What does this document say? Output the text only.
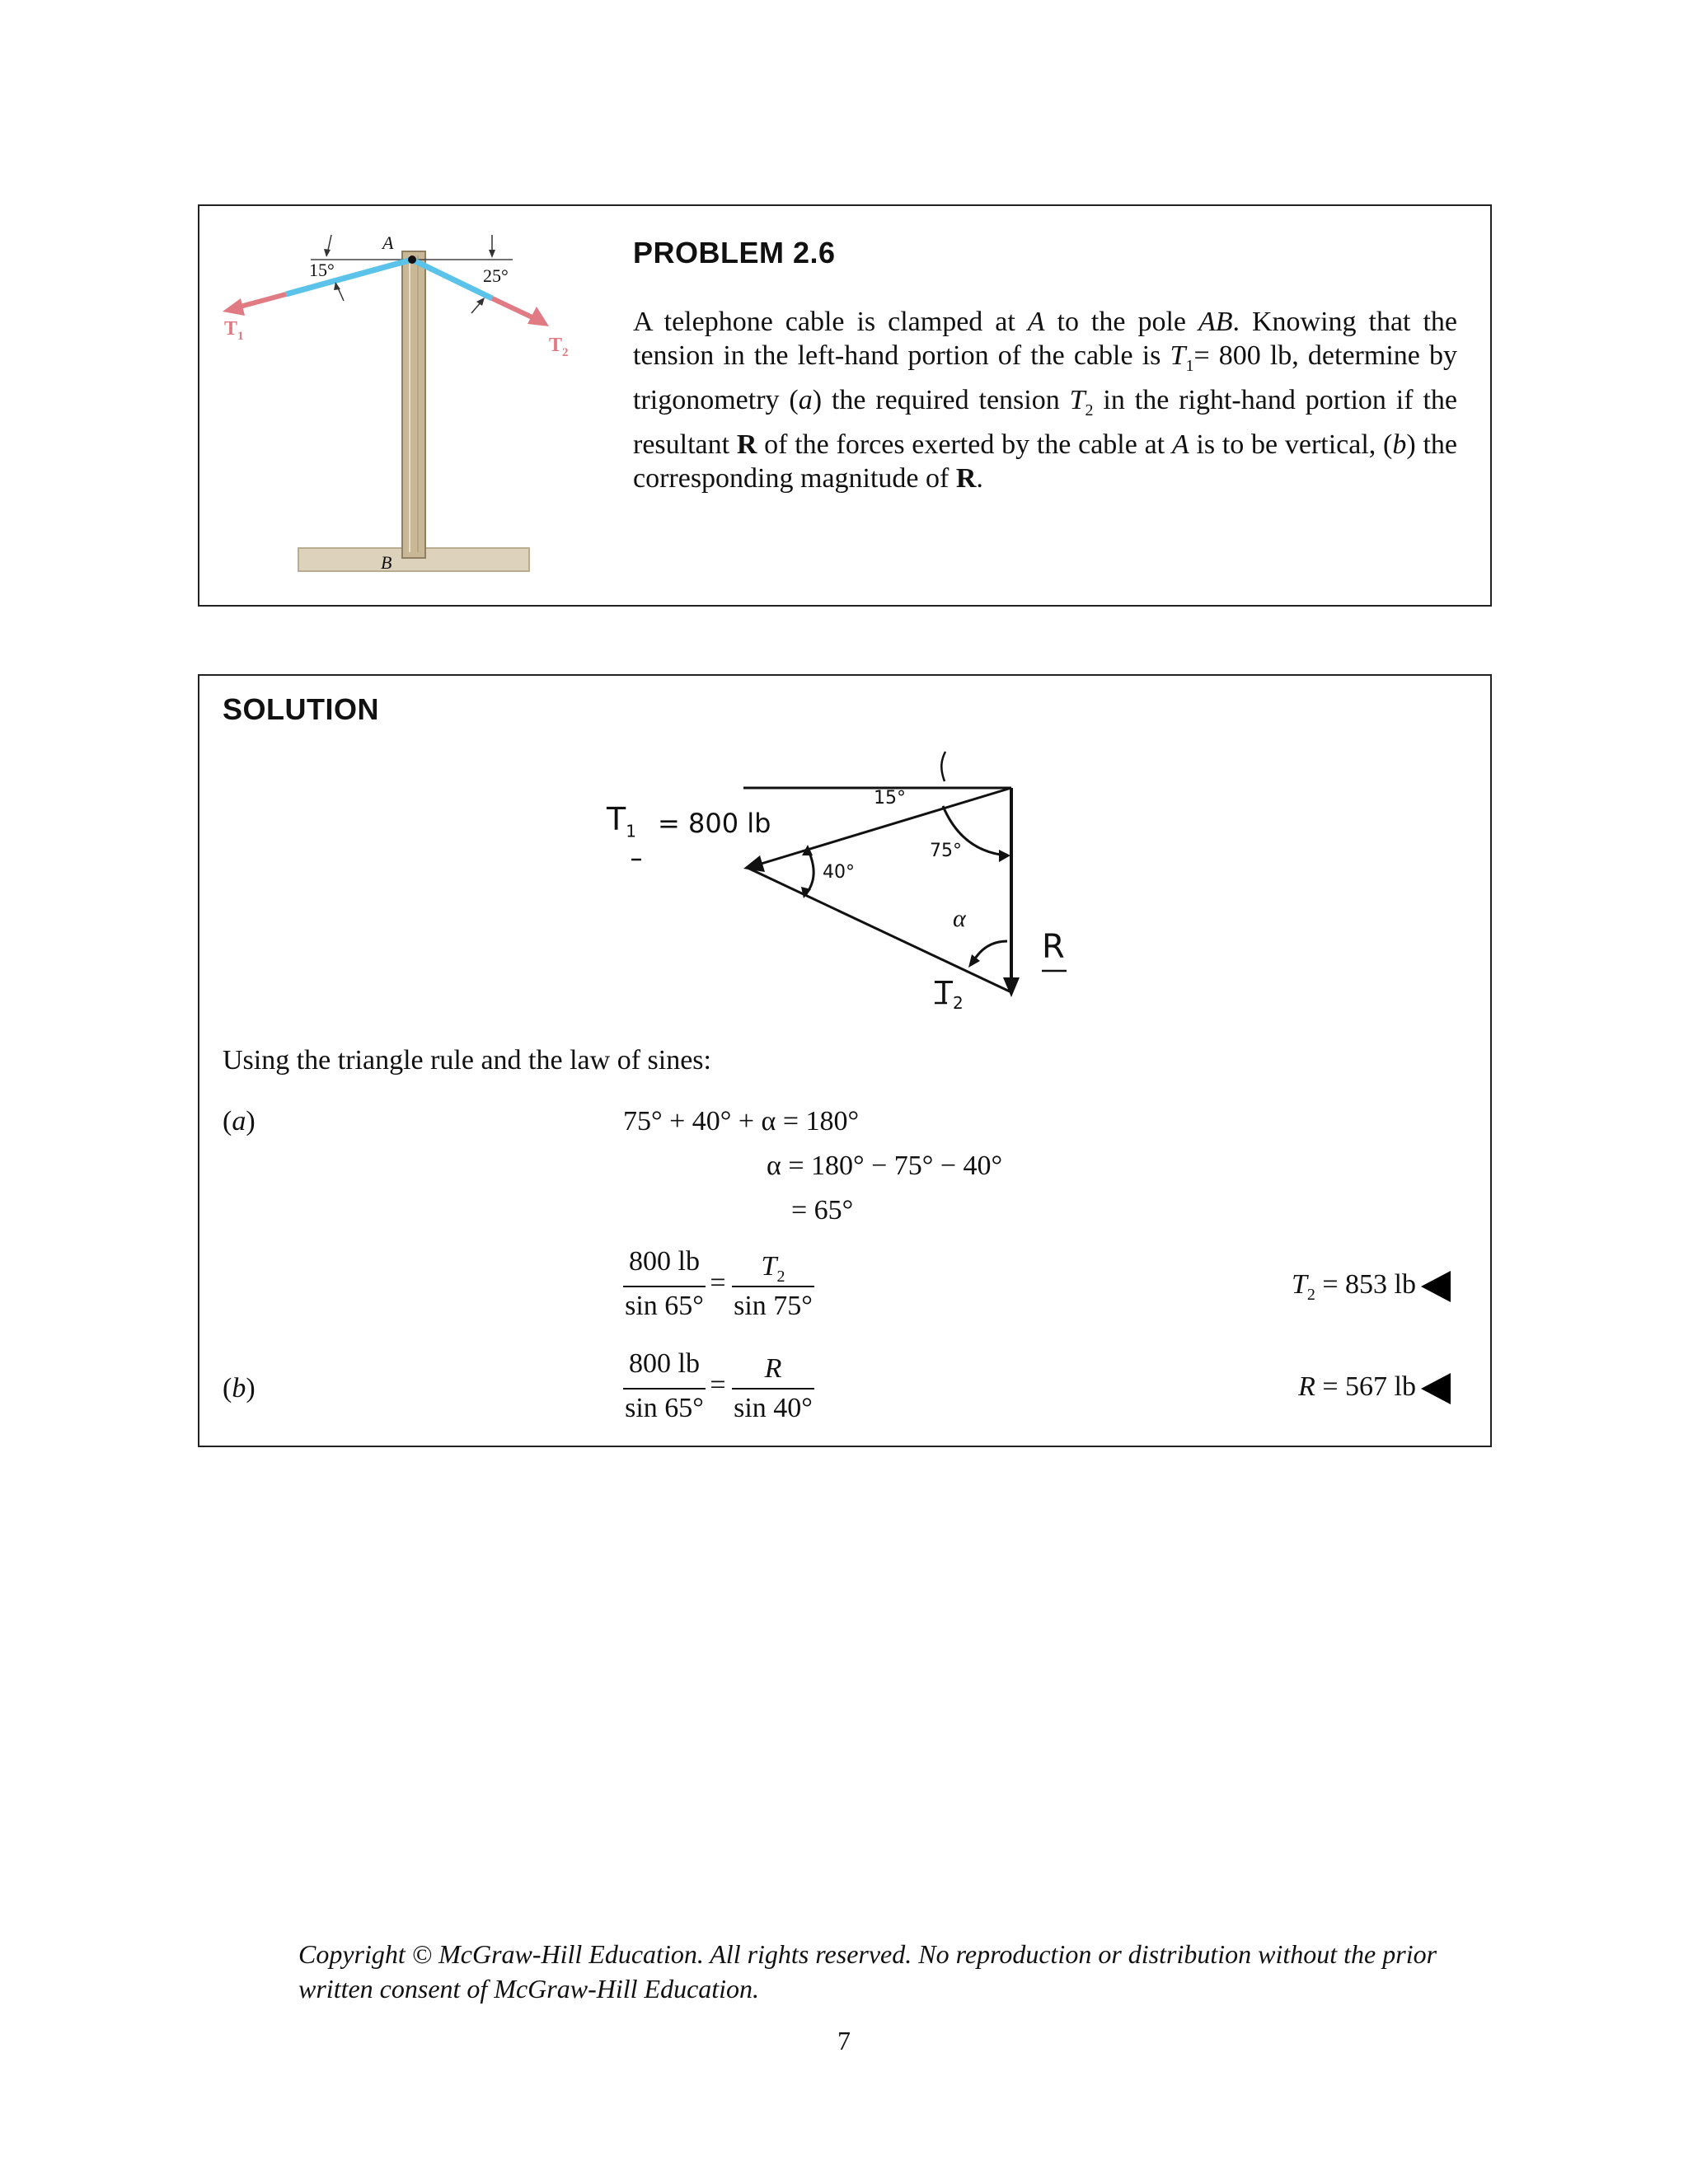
A
B
15°	25°
$T_1$	$T_2$
PROBLEM 2.6
A telephone cable is clamped at A to the pole AB. Knowing that the tension in the left-hand portion of the cable is $T_1= 800$ lb, determine by trigonometry (a) the required tension $T_2$ in the right-hand portion if the resultant R of the forces exerted by the cable at A is to be vertical, (b) the corresponding magnitude of R.
SOLUTION
$T_1 = 800$ lb
15°
40°
75°
α
$T_2$
R
Using the triangle rule and the law of sines:
(a)	75° + 40° + α = 180°
α = 180° − 75° − 40°
= 65°
800 lb
sin 65°
=
$T_2$
sin 75°
$T_2 = 853$ lb
800 lb
sin 65°
=
R
sin 40°
(b)	R = 567 lb
Copyright © McGraw-Hill Education. All rights reserved. No reproduction or distribution without the prior written consent of McGraw-Hill Education.
7
